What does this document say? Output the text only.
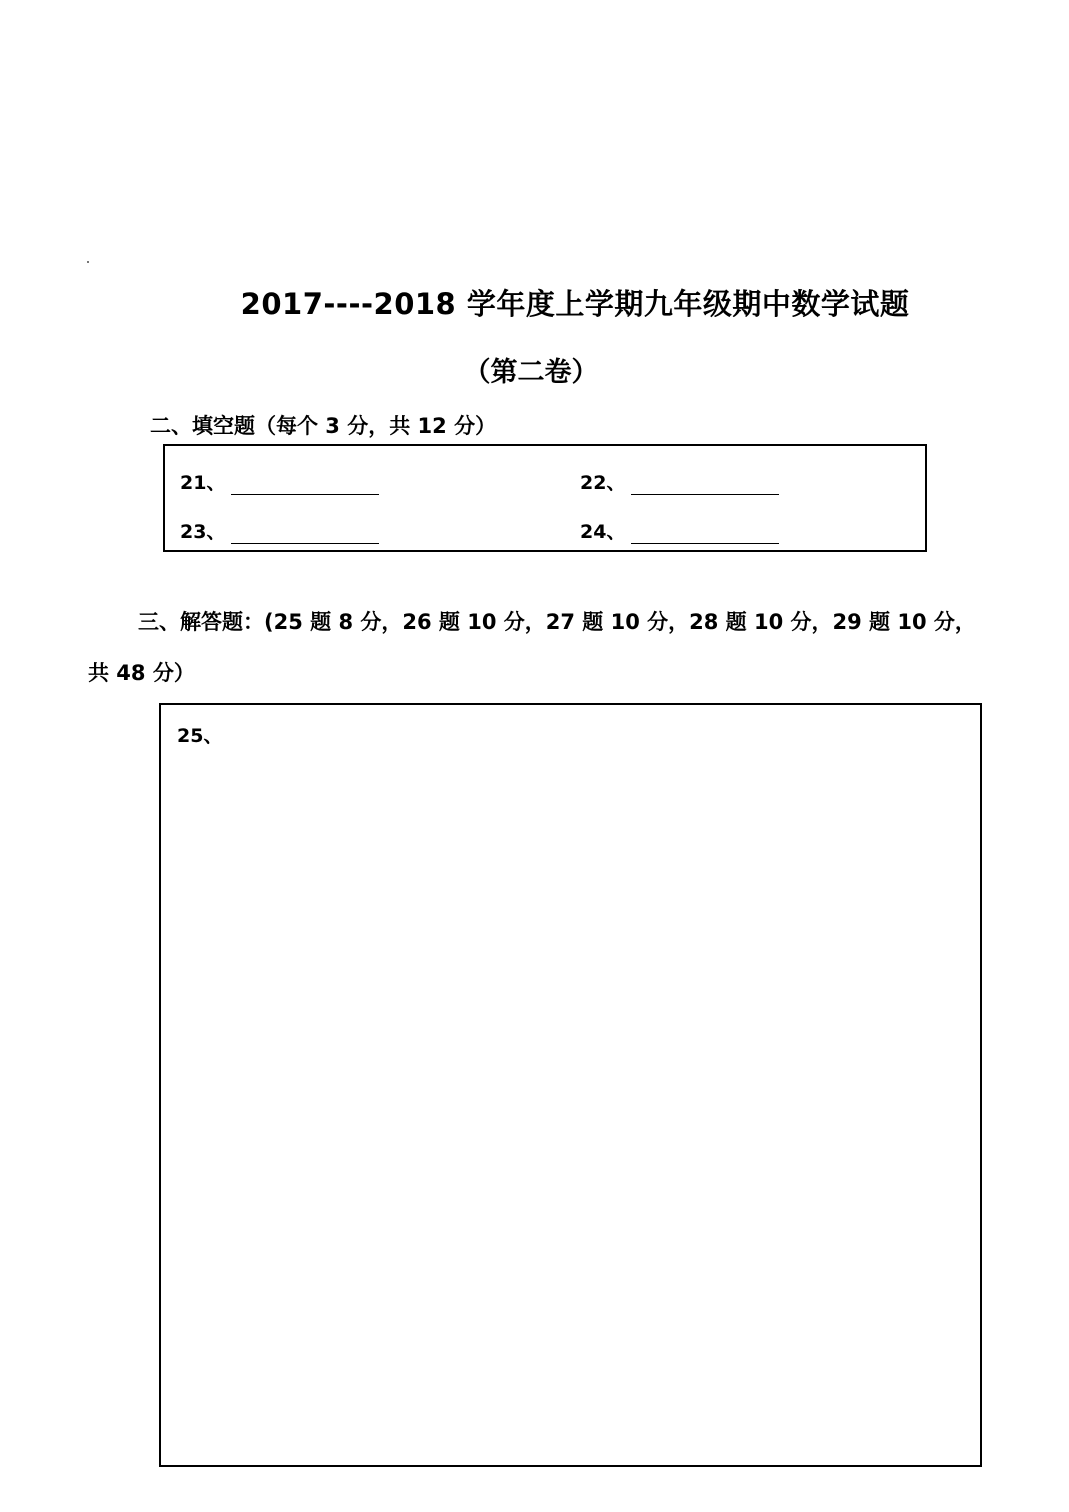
2017----2018 学年度上学期九年级期中数学试题
（第二卷）
二、填空题（每个 3 分，共 12 分）
21、	22、
23、	24、
三、解答题：(25 题 8 分，26 题 10 分，27 题 10 分，28 题 10 分，29 题 10 分，
共 48 分）
25、
